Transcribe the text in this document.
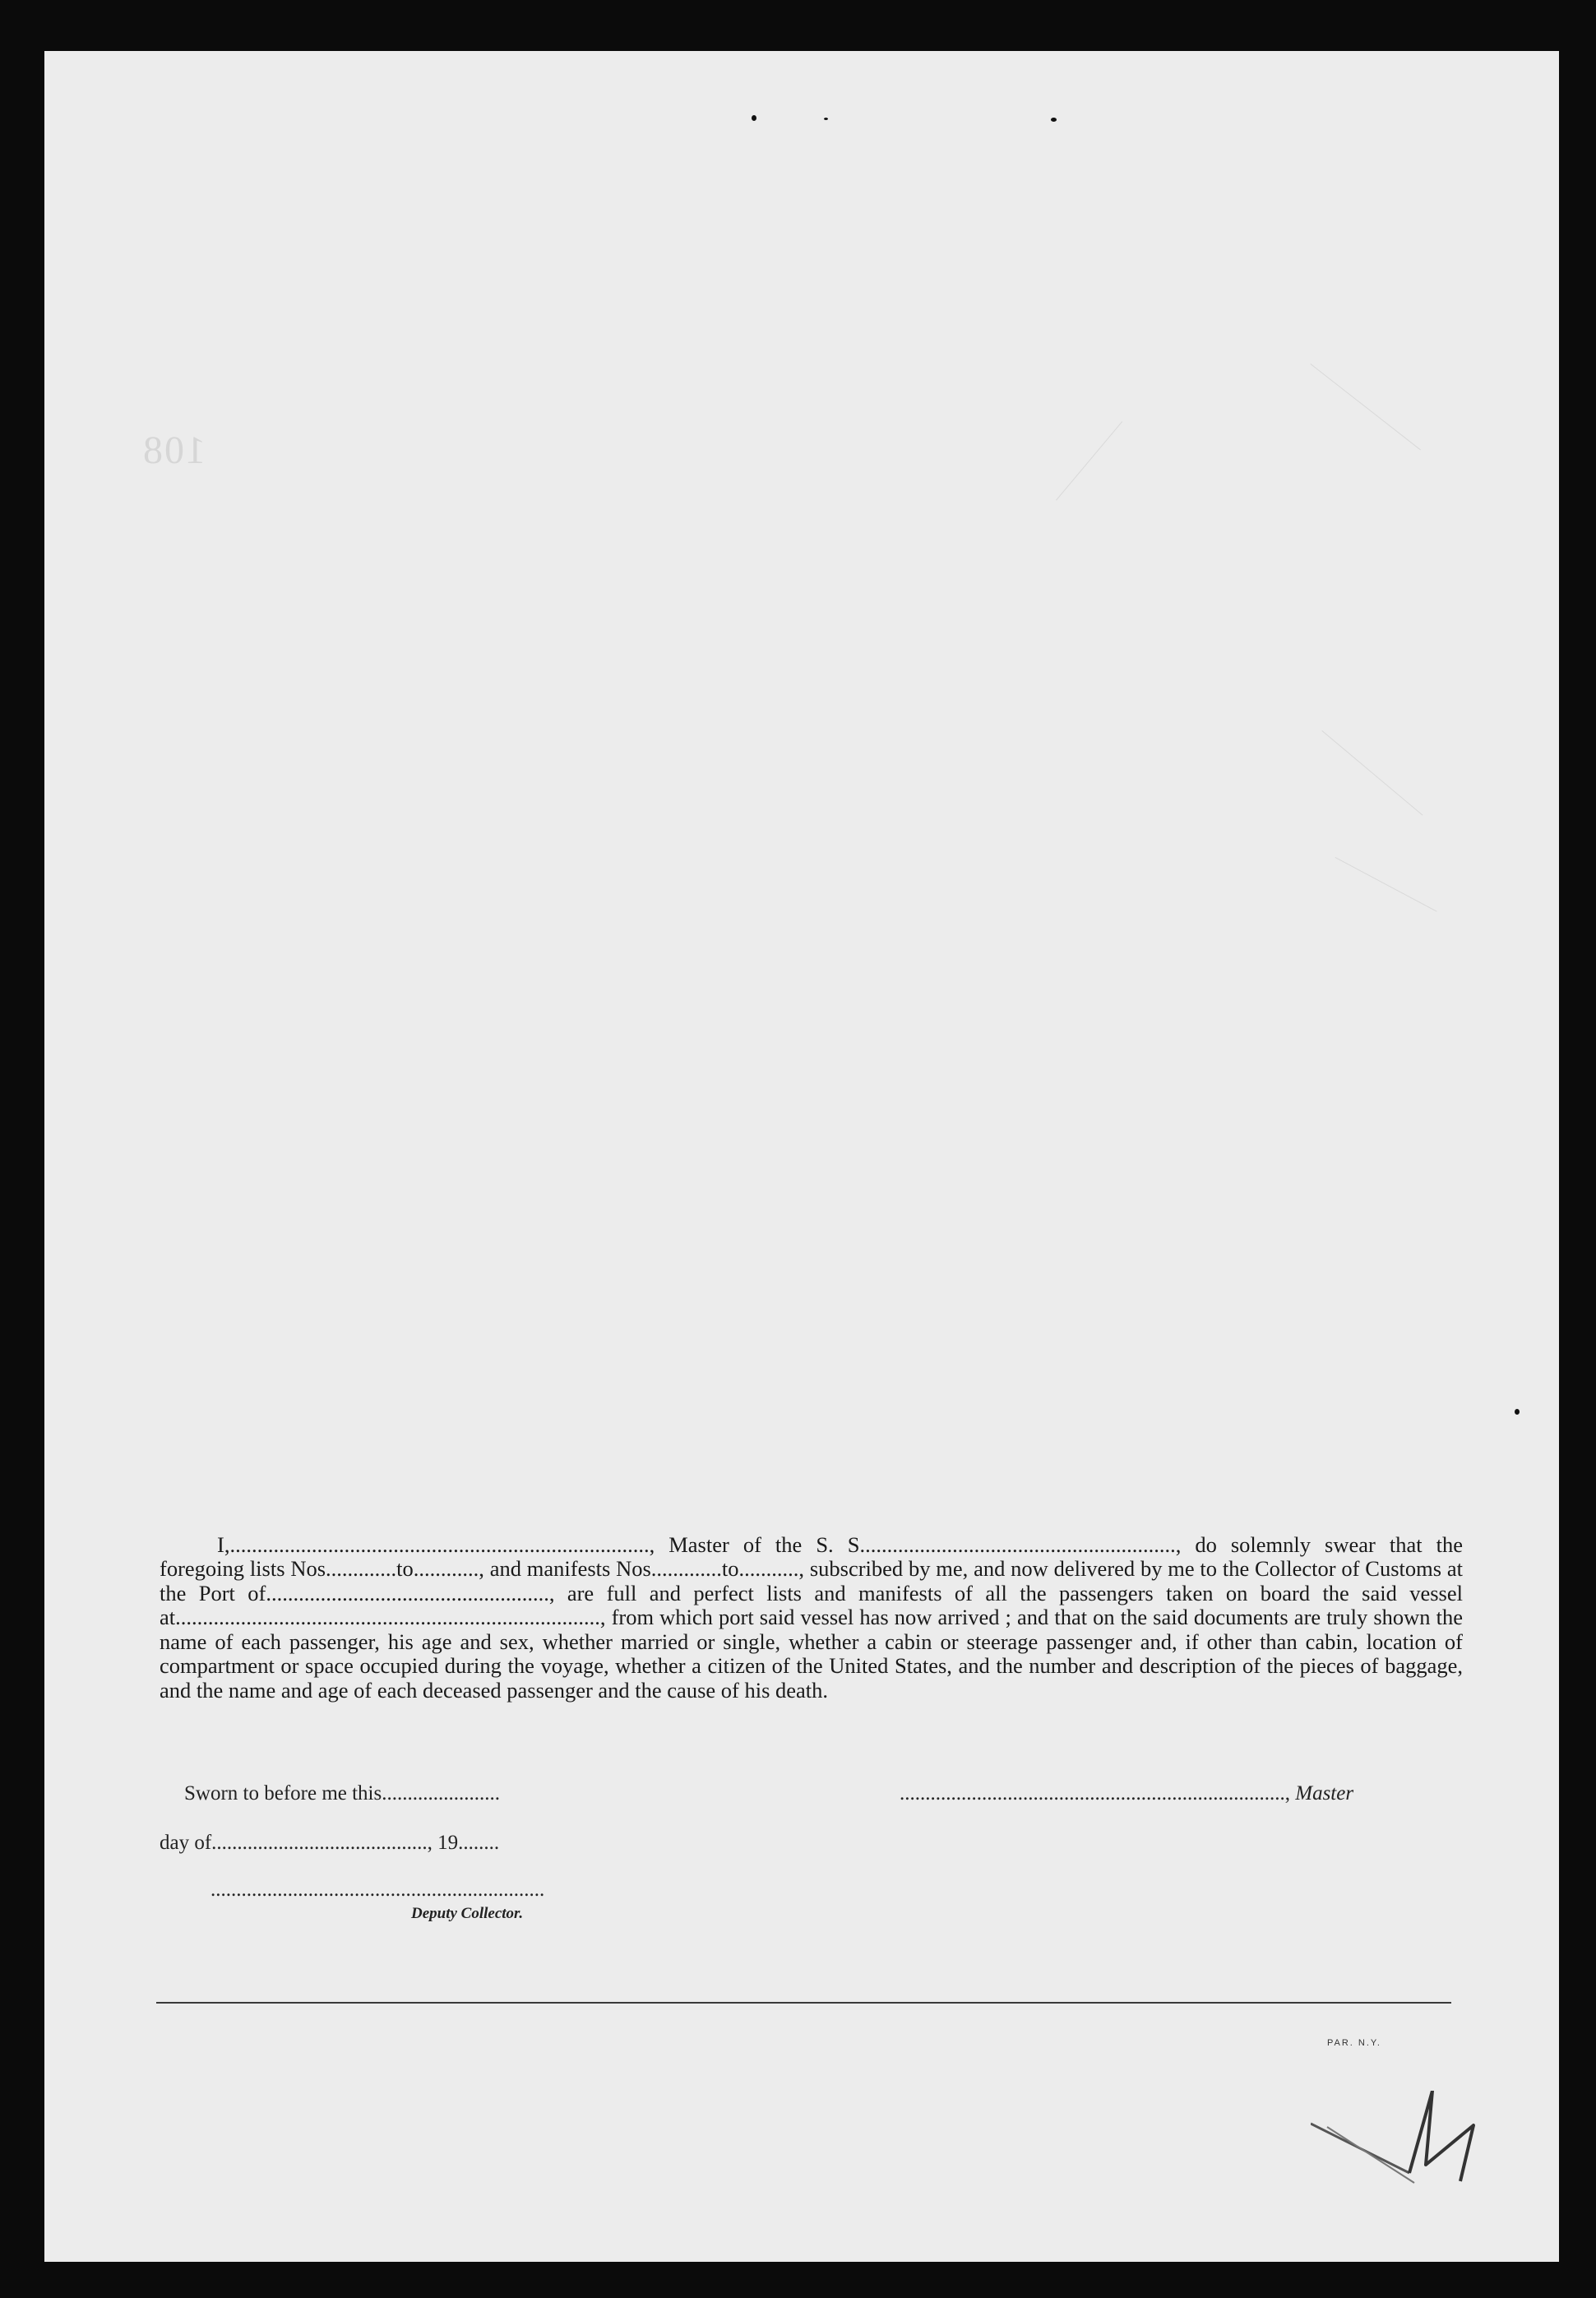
108

I,............................................................................., Master of the S. S.........................................................., do solemnly swear that the foregoing lists Nos.............to............, and manifests Nos.............to..........., subscribed by me, and now delivered by me to the Collector of Customs at the Port of...................................................., are full and perfect lists and manifests of all the passengers taken on board the said vessel at.............................................................................., from which port said vessel has now arrived ; and that on the said documents are truly shown the name of each passenger, his age and sex, whether married or single, whether a cabin or steerage passenger and, if other than cabin, location of compartment or space occupied during the voyage, whether a citizen of the United States, and the number and description of the pieces of baggage, and the name and age of each deceased passenger and the cause of his death.

Sworn to before me this.......................	..........................................................................., Master
day of.........................................., 19........
.................................................................
Deputy Collector.
PAR. N.Y.
